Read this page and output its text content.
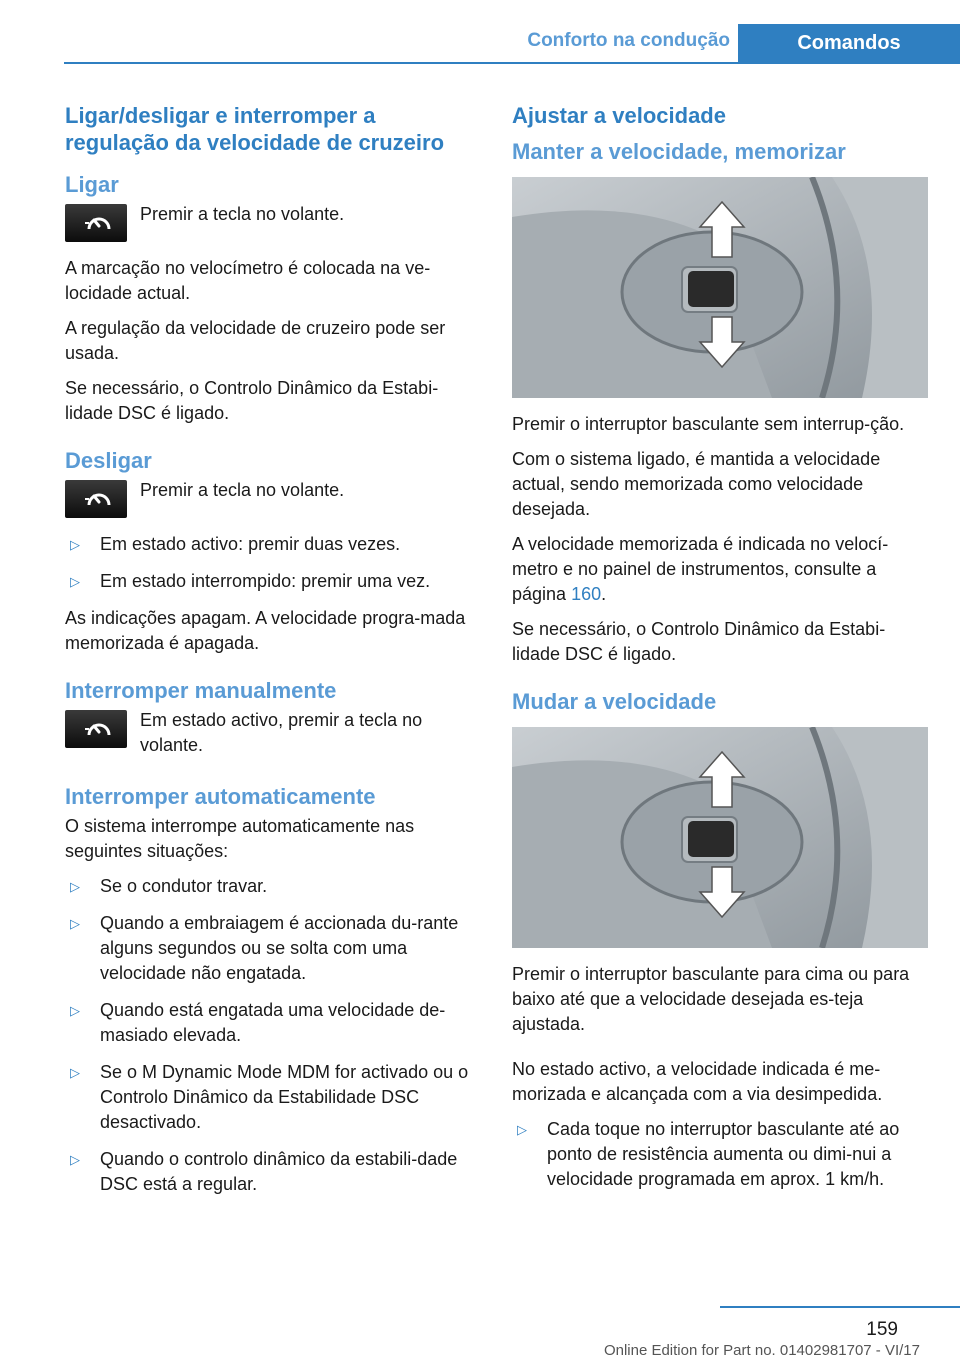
Conforto na condução	Comandos
Ligar/desligar e interromper a regulação da velocidade de cruzeiro
Ligar
Premir a tecla no volante.

A marcação no velocímetro é colocada na ve-locidade actual.

A regulação da velocidade de cruzeiro pode ser usada.

Se necessário, o Controlo Dinâmico da Estabi-lidade DSC é ligado.

Desligar
Premir a tecla no volante.
▷ Em estado activo: premir duas vezes.
▷ Em estado interrompido: premir uma vez.

As indicações apagam. A velocidade progra-mada memorizada é apagada.

Interromper manualmente
Em estado activo, premir a tecla no volante.
Interromper automaticamente

O sistema interrompe automaticamente nas seguintes situações:

▷ Se o condutor travar.
▷ Quando a embraiagem é accionada du-rante alguns segundos ou se solta com uma velocidade não engatada.
▷ Quando está engatada uma velocidade de-masiado elevada.
▷ Se o M Dynamic Mode MDM for activado ou o Controlo Dinâmico da Estabilidade DSC desactivado.
▷ Quando o controlo dinâmico da estabili-dade DSC está a regular.
Ajustar a velocidade
Manter a velocidade, memorizar

Premir o interruptor basculante sem interrup-ção.

Com o sistema ligado, é mantida a velocidade actual, sendo memorizada como velocidade desejada.

A velocidade memorizada é indicada no velocí-metro e no painel de instrumentos, consulte a página 160.

Se necessário, o Controlo Dinâmico da Estabi-lidade DSC é ligado.

Mudar a velocidade

Premir o interruptor basculante para cima ou para baixo até que a velocidade desejada es-teja ajustada.

No estado activo, a velocidade indicada é me-morizada e alcançada com a via desimpedida.

▷ Cada toque no interruptor basculante até ao ponto de resistência aumenta ou dimi-nui a velocidade programada em aprox. 1 km/h.
159
Online Edition for Part no. 01402981707 - VI/17
